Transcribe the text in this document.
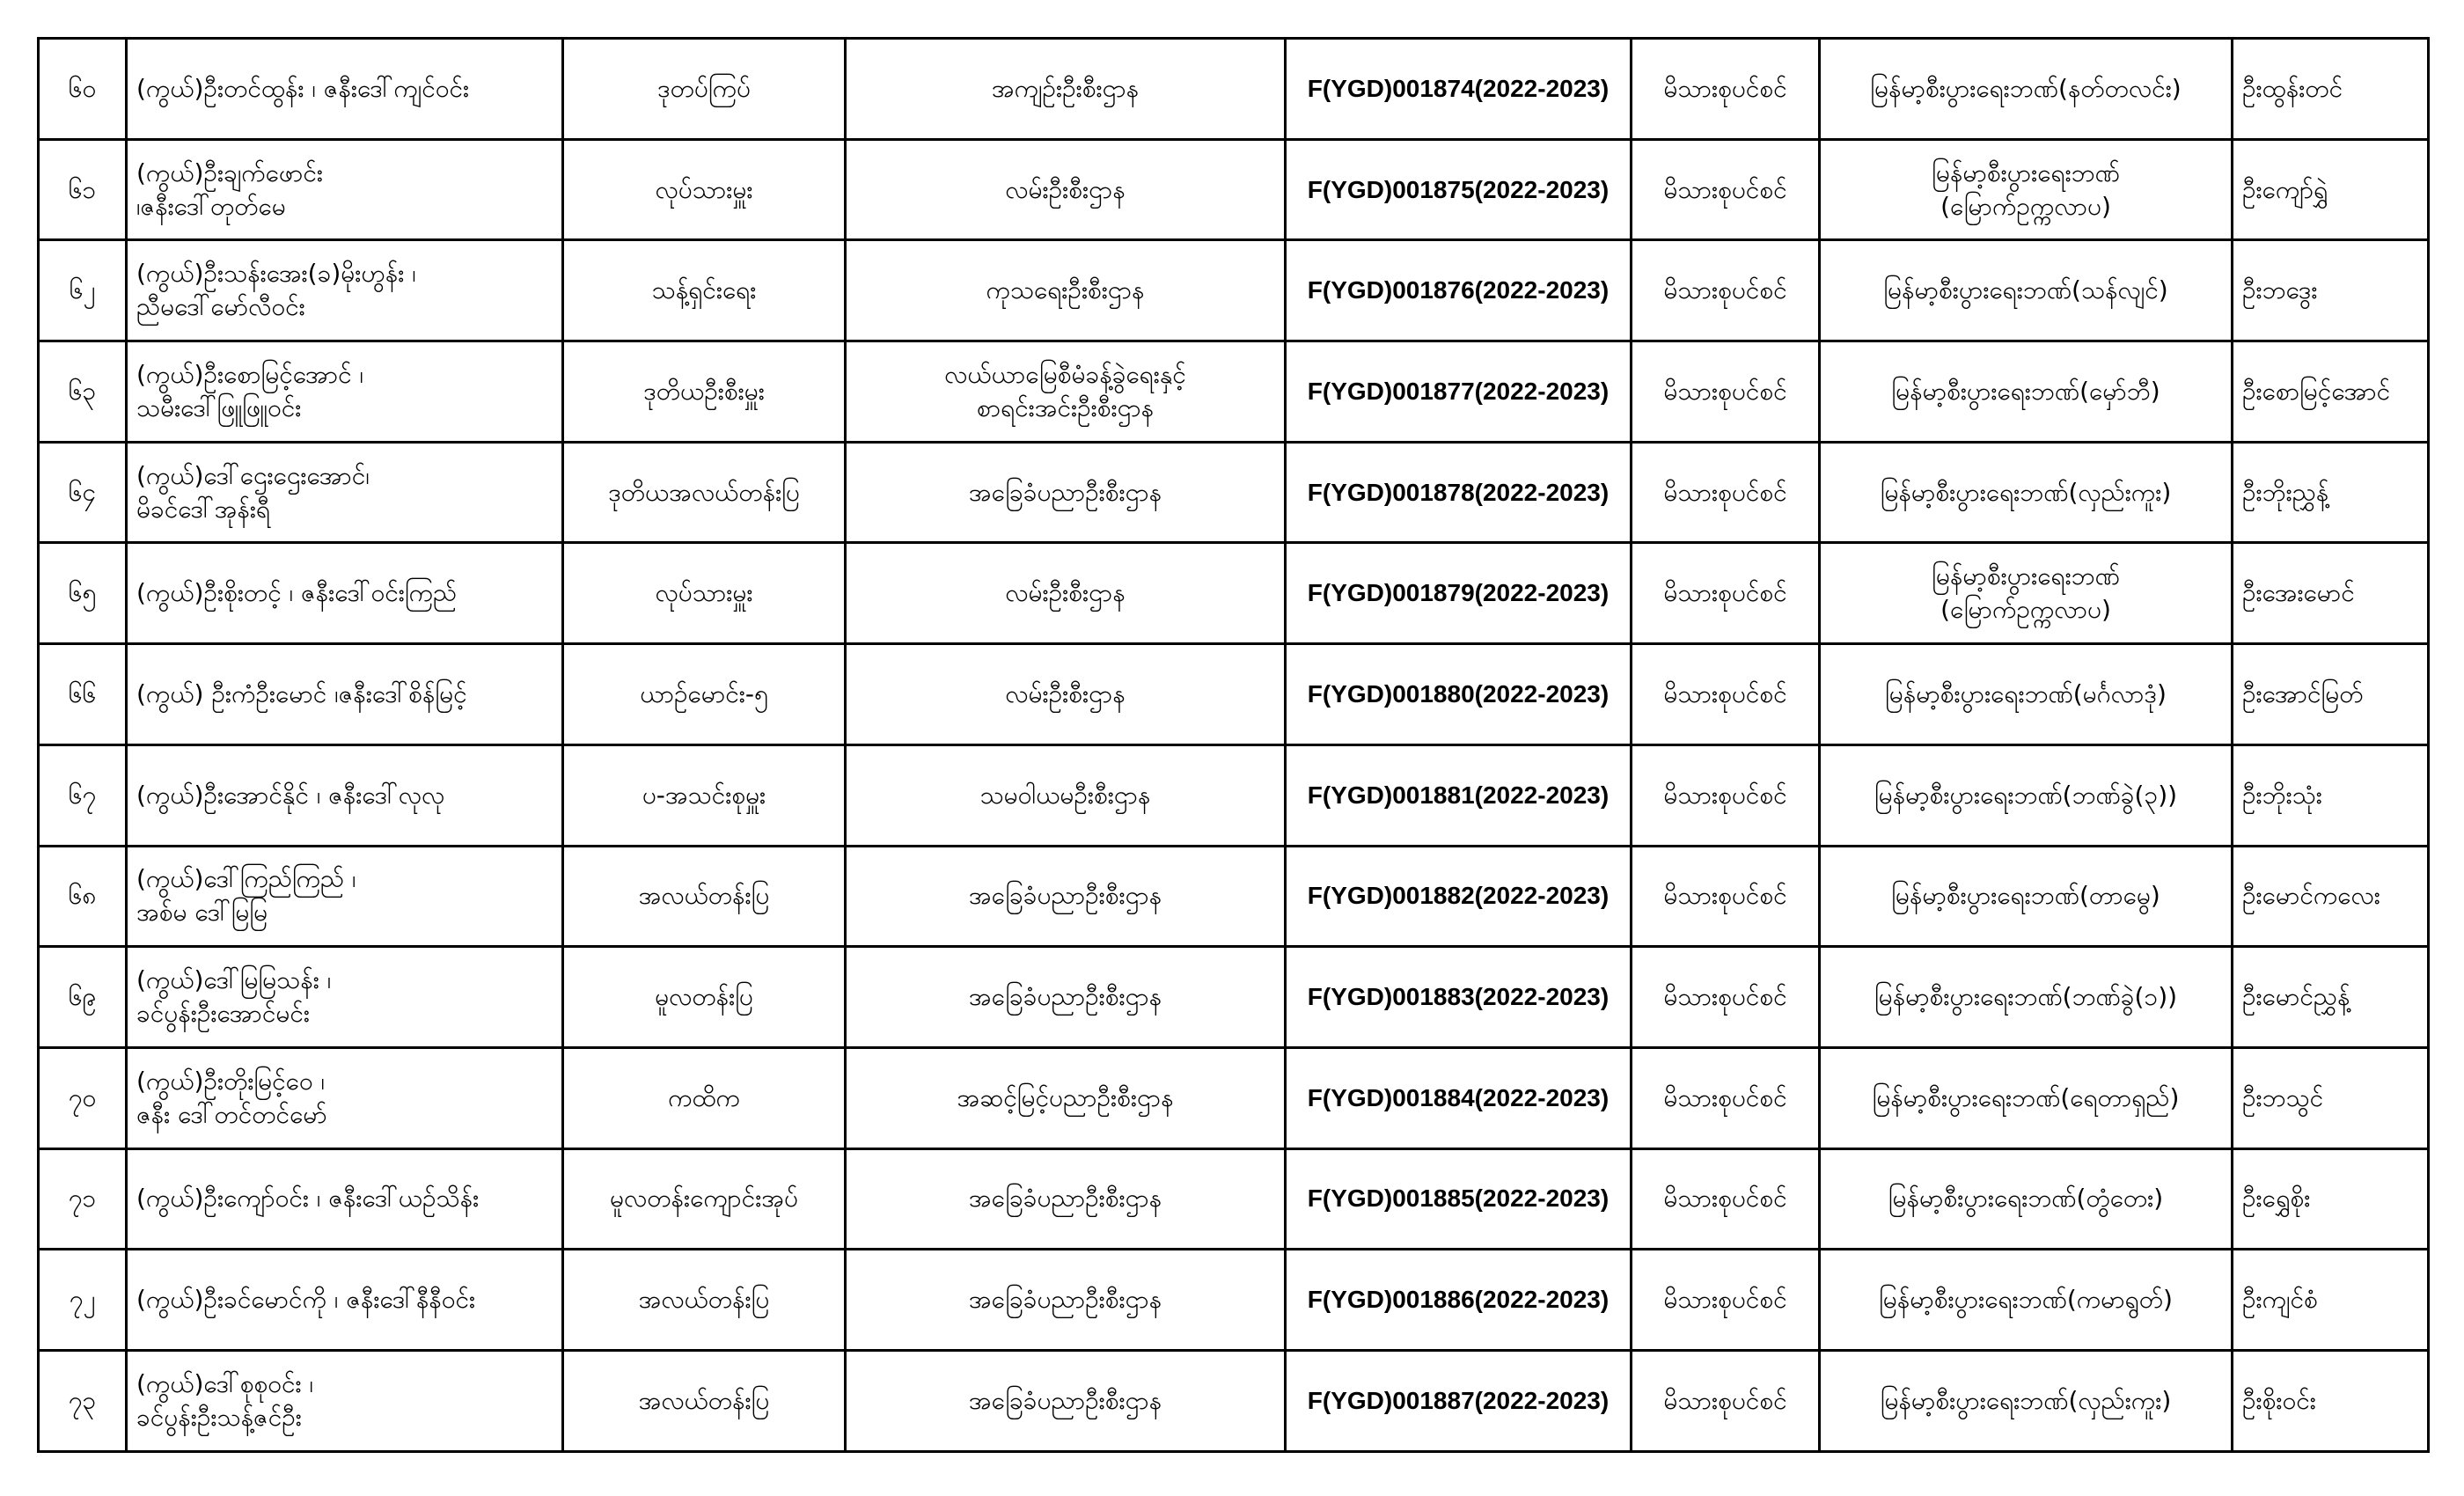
၆၀	(ကွယ်)ဦးတင်ထွန်း ၊ ဇနီးဒေါ်ကျင်ဝင်း	ဒုတပ်ကြပ်	အကျဉ်းဦးစီးဌာန	F(YGD)001874(2022-2023)	မိသားစုပင်စင်	မြန်မာ့စီးပွားရေးဘဏ်(နတ်တလင်း)	ဦးထွန်းတင်
၆၁	(ကွယ်)ဦးချက်ဖောင်း
၊ဇနီးဒေါ်တုတ်မေ	လုပ်သားမှူး	လမ်းဦးစီးဌာန	F(YGD)001875(2022-2023)	မိသားစုပင်စင်	မြန်မာ့စီးပွားရေးဘဏ်
(မြောက်ဥက္ကလာပ)	ဦးကျော်ရွှဲ
၆၂	(ကွယ်)ဦးသန်းအေး(ခ)မိုးဟွန်း ၊
ညီမဒေါ်မော်လီဝင်း	သန့်ရှင်းရေး	ကုသရေးဦးစီးဌာန	F(YGD)001876(2022-2023)	မိသားစုပင်စင်	မြန်မာ့စီးပွားရေးဘဏ်(သန်လျင်)	ဦးဘဒွေး
၆၃	(ကွယ်)ဦးစောမြင့်အောင် ၊
သမီးဒေါ်ဖြူဖြူဝင်း	ဒုတိယဦးစီးမှူး	လယ်ယာမြေစီမံခန့်ခွဲရေးနှင့်
စာရင်းအင်းဦးစီးဌာန	F(YGD)001877(2022-2023)	မိသားစုပင်စင်	မြန်မာ့စီးပွားရေးဘဏ်(မှော်ဘီ)	ဦးစောမြင့်အောင်
၆၄	(ကွယ်)ဒေါ်ဌေးဌေးအောင်၊
မိခင်ဒေါ်အုန်းရီ	ဒုတိယအလယ်တန်းပြ	အခြေခံပညာဦးစီးဌာန	F(YGD)001878(2022-2023)	မိသားစုပင်စင်	မြန်မာ့စီးပွားရေးဘဏ်(လှည်းကူး)	ဦးဘိုးညွှန့်
၆၅	(ကွယ်)ဦးစိုးတင့် ၊ ဇနီးဒေါ်ဝင်းကြည်	လုပ်သားမှူး	လမ်းဦးစီးဌာန	F(YGD)001879(2022-2023)	မိသားစုပင်စင်	မြန်မာ့စီးပွားရေးဘဏ်
(မြောက်ဥက္ကလာပ)	ဦးအေးမောင်
၆၆	(ကွယ်) ဦးကံဦးမောင် ၊ဇနီးဒေါ်စိန်မြင့်	ယာဉ်မောင်း-၅	လမ်းဦးစီးဌာန	F(YGD)001880(2022-2023)	မိသားစုပင်စင်	မြန်မာ့စီးပွားရေးဘဏ်(မင်္ဂလာဒုံ)	ဦးအောင်မြတ်
၆၇	(ကွယ်)ဦးအောင်နိုင် ၊ ဇနီးဒေါ်လုလု	ပ-အသင်းစုမှူး	သမဝါယမဦးစီးဌာန	F(YGD)001881(2022-2023)	မိသားစုပင်စင်	မြန်မာ့စီးပွားရေးဘဏ်(ဘဏ်ခွဲ(၃))	ဦးဘိုးသုံး
၆၈	(ကွယ်)ဒေါ်ကြည်ကြည် ၊
အစ်မ ဒေါ်မြမြ	အလယ်တန်းပြ	အခြေခံပညာဦးစီးဌာန	F(YGD)001882(2022-2023)	မိသားစုပင်စင်	မြန်မာ့စီးပွားရေးဘဏ်(တာမွေ)	ဦးမောင်ကလေး
၆၉	(ကွယ်)ဒေါ်မြမြသန်း ၊
ခင်ပွန်းဦးအောင်မင်း	မူလတန်းပြ	အခြေခံပညာဦးစီးဌာန	F(YGD)001883(2022-2023)	မိသားစုပင်စင်	မြန်မာ့စီးပွားရေးဘဏ်(ဘဏ်ခွဲ(၁))	ဦးမောင်ညွှန့်
၇၀	(ကွယ်)ဦးတိုးမြင့်ဝေ ၊
ဇနီး ဒေါ်တင်တင်မော်	ကထိက	အဆင့်မြင့်ပညာဦးစီးဌာန	F(YGD)001884(2022-2023)	မိသားစုပင်စင်	မြန်မာ့စီးပွားရေးဘဏ်(ရေတာရှည်)	ဦးဘသွင်
၇၁	(ကွယ်)ဦးကျော်ဝင်း ၊ ဇနီးဒေါ်ယဉ်သိန်း	မူလတန်းကျောင်းအုပ်	အခြေခံပညာဦးစီးဌာန	F(YGD)001885(2022-2023)	မိသားစုပင်စင်	မြန်မာ့စီးပွားရေးဘဏ်(တွံတေး)	ဦးရွှေစိုး
၇၂	(ကွယ်)ဦးခင်မောင်ကို ၊ ဇနီးဒေါ်နီနီဝင်း	အလယ်တန်းပြ	အခြေခံပညာဦးစီးဌာန	F(YGD)001886(2022-2023)	မိသားစုပင်စင်	မြန်မာ့စီးပွားရေးဘဏ်(ကမာရွတ်)	ဦးကျင်စံ
၇၃	(ကွယ်)ဒေါ်စုစုဝင်း ၊
ခင်ပွန်းဦးသန့်ဇင်ဦး	အလယ်တန်းပြ	အခြေခံပညာဦးစီးဌာန	F(YGD)001887(2022-2023)	မိသားစုပင်စင်	မြန်မာ့စီးပွားရေးဘဏ်(လှည်းကူး)	ဦးစိုးဝင်း
